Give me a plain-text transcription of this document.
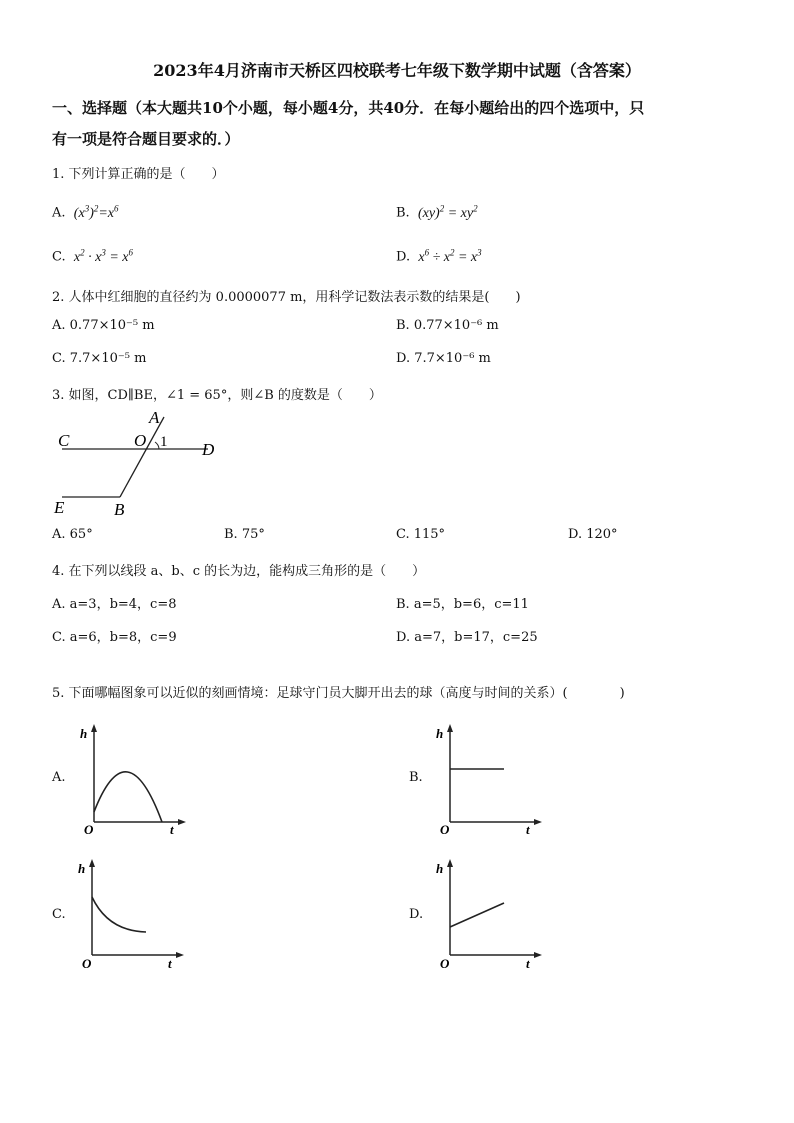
2023年4月济南市天桥区四校联考七年级下数学期中试题（含答案）
一、选择题（本大题共10个小题，每小题4分，共40分．在每小题给出的四个选项中，只
有一项是符合题目要求的．）
1. 下列计算正确的是（　　）
A. $(x^3)^2=x^6$	B. $(xy)^2 = xy^2$
C. $x^2 \cdot x^3 = x^6$	D. $x^6 \div x^2 = x^3$
2. 人体中红细胞的直径约为 0.0000077 m，用科学记数法表示数的结果是(　　)
A. 0.77×10⁻⁵ m	B. 0.77×10⁻⁶ m
C. 7.7×10⁻⁵ m	D. 7.7×10⁻⁶ m
3. 如图，CD∥BE，∠1 = 65°，则∠B 的度数是（　　）
A
C	O 1 D
E	B
A. 65°	B. 75°	C. 115°	D. 120°
4. 在下列以线段 a、b、c 的长为边，能构成三角形的是（　　）
A. a=3，b=4，c=8	B. a=5，b=6，c=11
C. a=6，b=8，c=9	D. a=7，b=17，c=25
5. 下面哪幅图象可以近似的刻画情境：足球守门员大脚开出去的球（高度与时间的关系）(　　　　)
A.
h
O	t
B.
h
O	t
C.
h
O	t
D.
h
O	t
